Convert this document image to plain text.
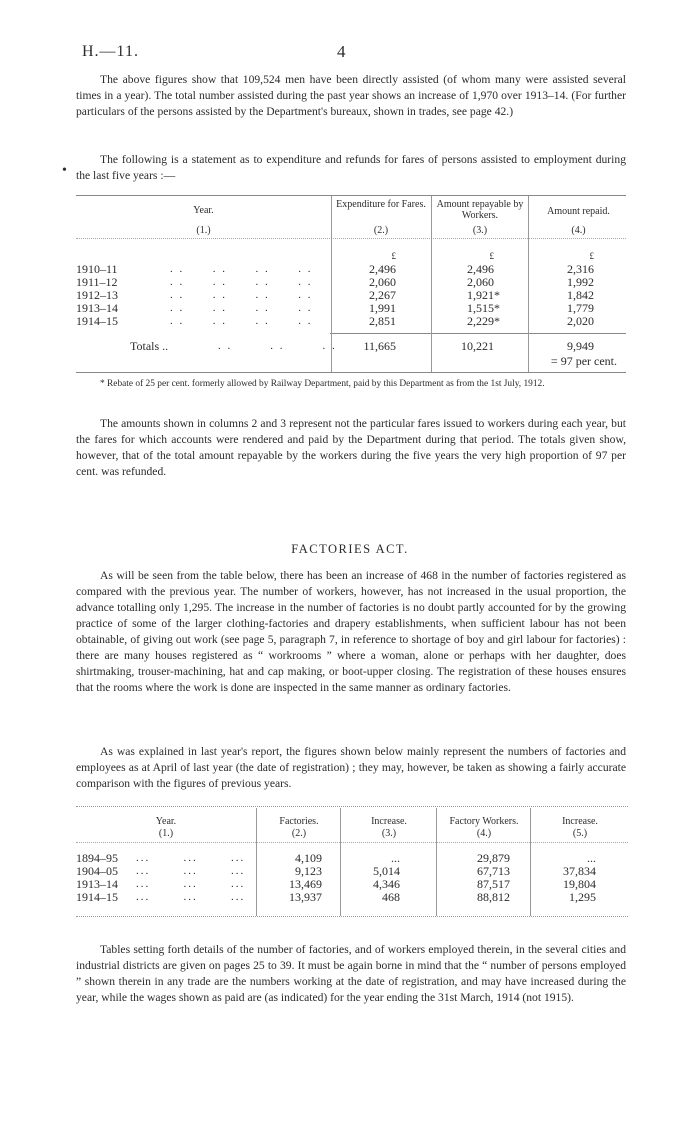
H.—11.	4

The above figures show that 109,524 men have been directly assisted (of whom many were assisted several times in a year). The total number assisted during the past year shows an increase of 1,970 over 1913–14. (For further particulars of the persons assisted by the Department's bureaux, shown in trades, see page 42.)

The following is a statement as to expenditure and refunds for fares of persons assisted to employment during the last five years :—

•
Year.
(1.)
Expenditure for Fares.
(2.)
Amount repayable by Workers.
(3.)
Amount repaid.
(4.)
£	£	£
1910–11	. .      . .      . .      . .	2,496	2,496	2,316
1911–12	. .      . .      . .      . .	2,060	2,060	1,992
1912–13	. .      . .      . .      . .	2,267	1,921*	1,842
1913–14	. .      . .      . .      . .	1,991	1,515*	1,779
1914–15	. .      . .      . .      . .	2,851	2,229*	2,020
Totals ..	. .        . .        . .	11,665	10,221	9,949
= 97 per cent.

* Rebate of 25 per cent. formerly allowed by Railway Department, paid by this Department as from the 1st July, 1912.

The amounts shown in columns 2 and 3 represent not the particular fares issued to workers during each year, but the fares for which accounts were rendered and paid by the Department during that period. The totals given show, however, that of the total amount repayable by the workers during the five years the very high proportion of 97 per cent. was refunded.

FACTORIES ACT.

As will be seen from the table below, there has been an increase of 468 in the number of factories registered as compared with the previous year. The number of workers, however, has not increased in the usual proportion, the advance totalling only 1,295. The increase in the number of factories is no doubt partly accounted for by the growing practice of some of the larger clothing-factories and drapery establishments, when sufficient labour has not been obtainable, of giving out work (see page 5, paragraph 7, in reference to shortage of boy and girl labour for factories) : there are many houses registered as “ workrooms ” where a woman, alone or perhaps with her daughter, does shirtmaking, trouser-machining, hat and cap making, or boot-upper closing. The registration of these houses ensures that the rooms where the work is done are inspected in the same manner as ordinary factories.

As was explained in last year's report, the figures shown below mainly represent the numbers of factories and employees as at April of last year (the date of registration) ; they may, however, be taken as showing a fairly accurate comparison with the figures of previous years.

Year.
(1.)
Factories.
(2.)
Increase.
(3.)
Factory Workers.
(4.)
Increase.
(5.)
1894–95 ...       ...       ...	4,109	...	29,879	...
1904–05 ...       ...       ...	9,123	5,014	67,713	37,834
1913–14 ...       ...       ...	13,469	4,346	87,517	19,804
1914–15 ...       ...       ...	13,937	468	88,812	1,295

Tables setting forth details of the number of factories, and of workers employed therein, in the several cities and industrial districts are given on pages 25 to 39. It must be again borne in mind that the “ number of persons employed ” shown therein in any trade are the numbers working at the date of registration, and may have increased during the year, while the wages shown as paid are (as indicated) for the year ending the 31st March, 1914 (not 1915).
